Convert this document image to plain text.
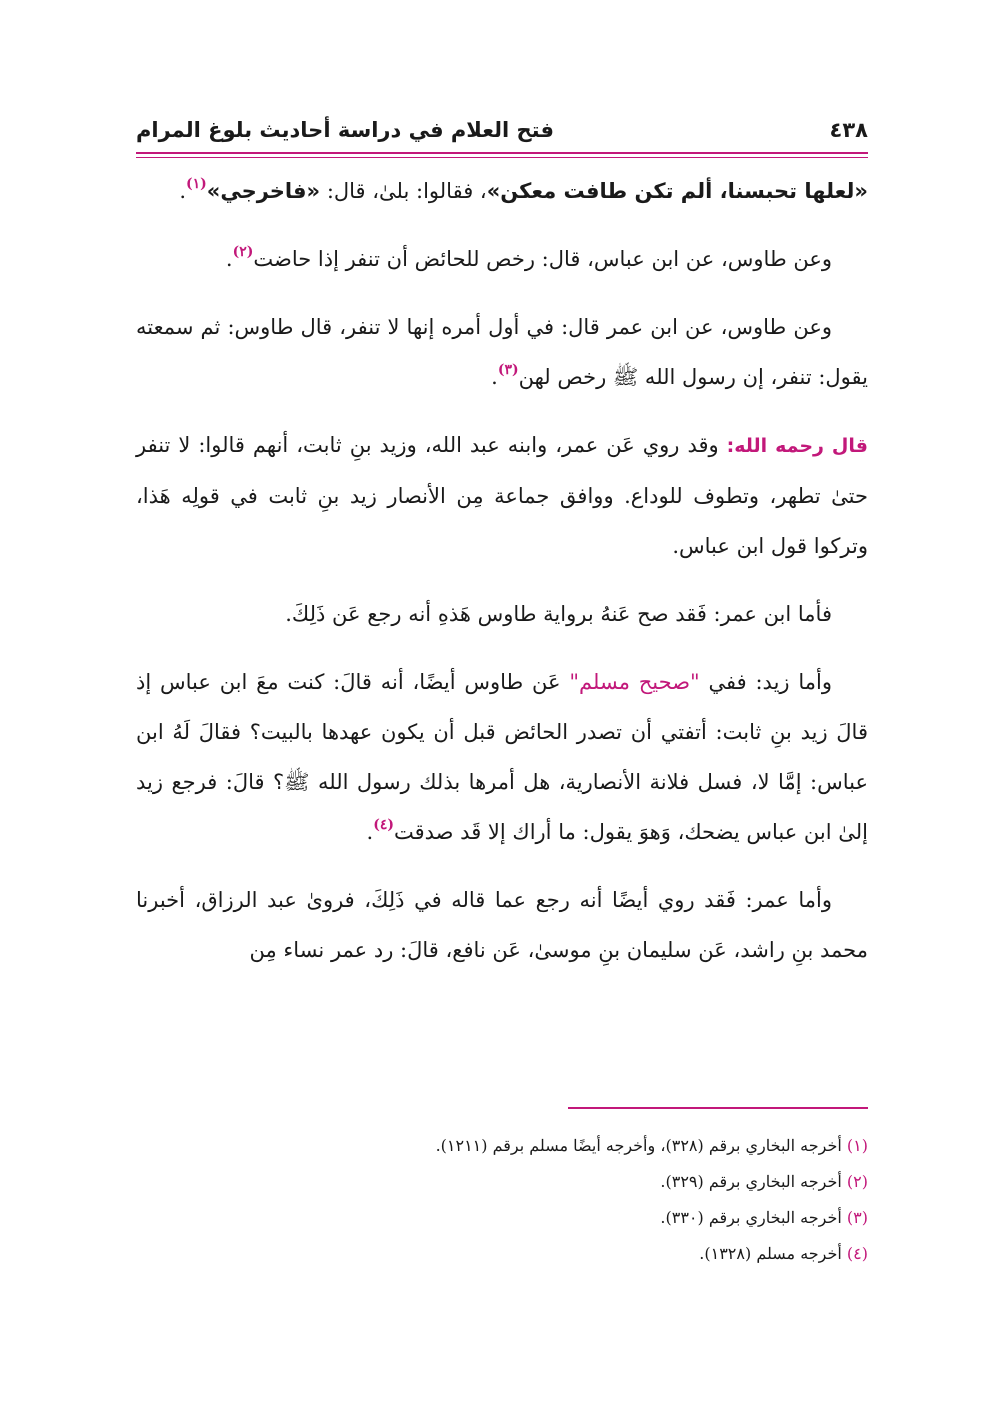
فتح العلام في دراسة أحاديث بلوغ المرام	٤٣٨

«لعلها تحبسنا، ألم تكن طافت معكن»، فقالوا: بلىٰ، قال: «فاخرجي»$^{(١)}$.

وعن طاوس، عن ابن عباس، قال: رخص للحائض أن تنفر إذا حاضت$^{(٢)}$.

وعن طاوس، عن ابن عمر قال: في أول أمره إنها لا تنفر، قال طاوس: ثم سمعته يقول: تنفر، إن رسول الله ﷺ رخص لهن$^{(٣)}$.

قال رحمه الله: وقد روي عَن عمر، وابنه عبد الله، وزيد بنِ ثابت، أنهم قالوا: لا تنفر حتىٰ تطهر، وتطوف للوداع. ووافق جماعة مِن الأنصار زيد بنِ ثابت في قولِه هَذا، وتركوا قول ابن عباس.

فأما ابن عمر: فَقد صح عَنهُ برواية طاوس هَذهِ أنه رجع عَن ذَلِكَ.

وأما زيد: ففي "صحيح مسلم" عَن طاوس أيضًا، أنه قالَ: كنت معَ ابن عباس إذ قالَ زيد بنِ ثابت: أتفتي أن تصدر الحائض قبل أن يكون عهدها بالبيت؟ فقالَ لَهُ ابن عباس: إمَّا لا، فسل فلانة الأنصارية، هل أمرها بذلك رسول الله ﷺ؟ قالَ: فرجع زيد إلىٰ ابن عباس يضحك، وَهوَ يقول: ما أراك إلا قَد صدقت$^{(٤)}$.

وأما عمر: فَقد روي أيضًا أنه رجع عما قاله في ذَلِكَ، فروىٰ عبد الرزاق، أخبرنا محمد بنِ راشد، عَن سليمان بنِ موسىٰ، عَن نافع، قالَ: رد عمر نساء مِن

(١) أخرجه البخاري برقم (٣٢٨)، وأخرجه أيضًا مسلم برقم (١٢١١).
(٢) أخرجه البخاري برقم (٣٢٩).
(٣) أخرجه البخاري برقم (٣٣٠).
(٤) أخرجه مسلم (١٣٢٨).
